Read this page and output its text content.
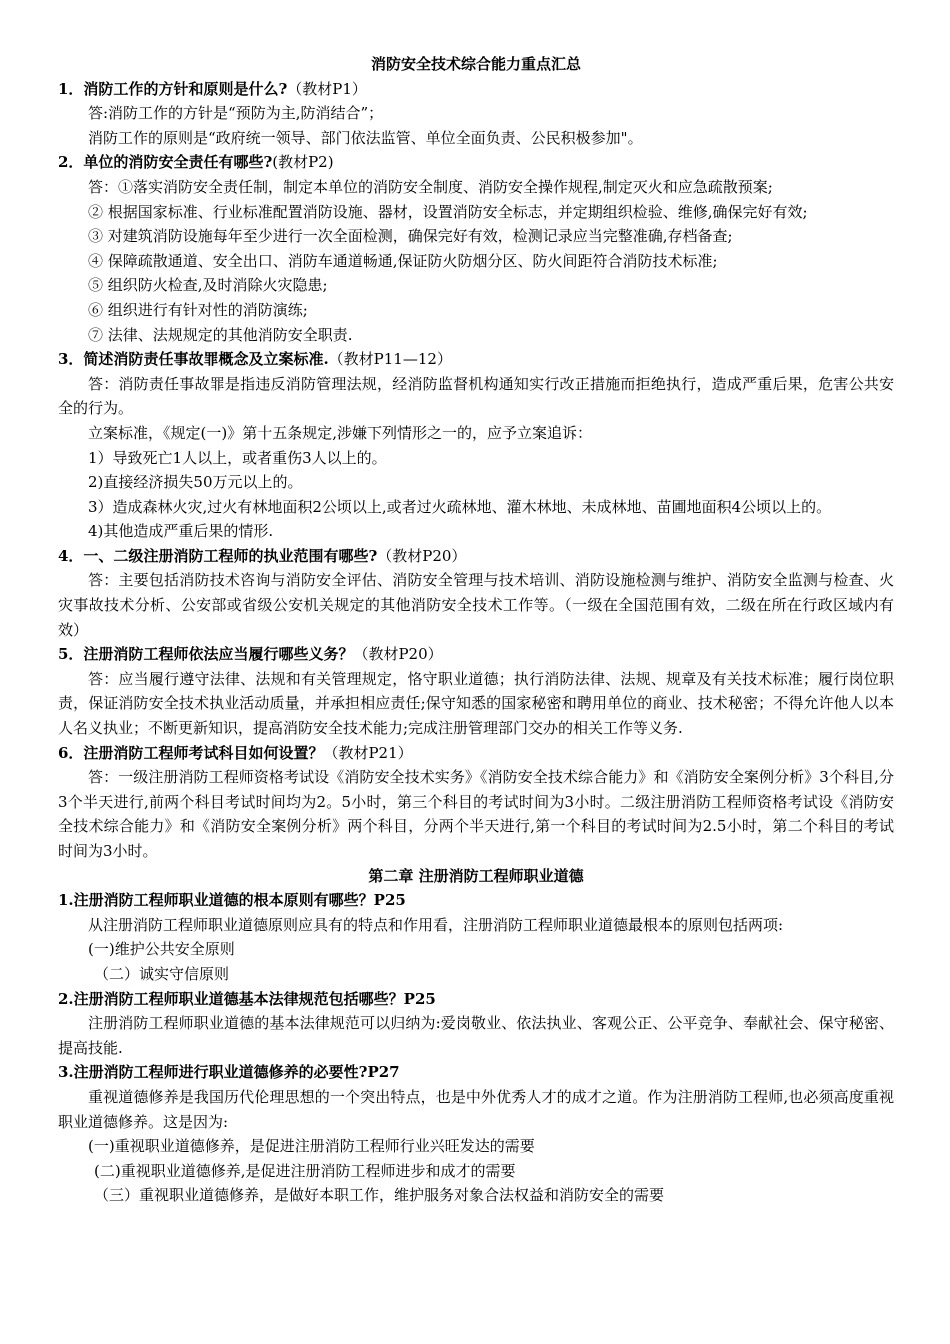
消防安全技术综合能力重点汇总
1．消防工作的方针和原则是什么?（教材P1）
答:消防工作的方针是“预防为主,防消结合”；
消防工作的原则是“政府统一领导、部门依法监管、单位全面负责、公民积极参加"。
2．单位的消防安全责任有哪些?(教材P2)
答：①落实消防安全责任制，制定本单位的消防安全制度、消防安全操作规程,制定灭火和应急疏散预案;
② 根据国家标准、行业标准配置消防设施、器材，设置消防安全标志，并定期组织检验、维修,确保完好有效;
③ 对建筑消防设施每年至少进行一次全面检测，确保完好有效，检测记录应当完整准确,存档备查;
④ 保障疏散通道、安全出口、消防车通道畅通,保证防火防烟分区、防火间距符合消防技术标准;
⑤ 组织防火检查,及时消除火灾隐患;
⑥ 组织进行有针对性的消防演练;
⑦ 法律、法规规定的其他消防安全职责.
3．简述消防责任事故罪概念及立案标准.（教材P11—12）
答：消防责任事故罪是指违反消防管理法规，经消防监督机构通知实行改正措施而拒绝执行，造成严重后果，危害公共安全的行为。
立案标准，《规定(一)》第十五条规定,涉嫌下列情形之一的，应予立案追诉：
1）导致死亡1人以上，或者重伤3人以上的。
2)直接经济损失50万元以上的。
3）造成森林火灾,过火有林地面积2公顷以上,或者过火疏林地、灌木林地、未成林地、苗圃地面积4公顷以上的。
4)其他造成严重后果的情形.
4．一、二级注册消防工程师的执业范围有哪些?（教材P20）
答：主要包括消防技术咨询与消防安全评估、消防安全管理与技术培训、消防设施检测与维护、消防安全监测与检查、火灾事故技术分析、公安部或省级公安机关规定的其他消防安全技术工作等。（一级在全国范围有效，二级在所在行政区域内有效）
5．注册消防工程师依法应当履行哪些义务？（教材P20）
答：应当履行遵守法律、法规和有关管理规定，恪守职业道德；执行消防法律、法规、规章及有关技术标准；履行岗位职责，保证消防安全技术执业活动质量，并承担相应责任;保守知悉的国家秘密和聘用单位的商业、技术秘密；不得允许他人以本人名义执业；不断更新知识，提高消防安全技术能力;完成注册管理部门交办的相关工作等义务.
6．注册消防工程师考试科目如何设置？（教材P21）
答：一级注册消防工程师资格考试设《消防安全技术实务》《消防安全技术综合能力》和《消防安全案例分析》3个科目,分3个半天进行,前两个科目考试时间均为2。5小时，第三个科目的考试时间为3小时。二级注册消防工程师资格考试设《消防安全技术综合能力》和《消防安全案例分析》两个科目，分两个半天进行,第一个科目的考试时间为2.5小时，第二个科目的考试时间为3小时。
第二章 注册消防工程师职业道德
1.注册消防工程师职业道德的根本原则有哪些？P25
从注册消防工程师职业道德原则应具有的特点和作用看，注册消防工程师职业道德最根本的原则包括两项:
(一)维护公共安全原则
（二）诚实守信原则
2.注册消防工程师职业道德基本法律规范包括哪些？P25
注册消防工程师职业道德的基本法律规范可以归纳为:爱岗敬业、依法执业、客观公正、公平竞争、奉献社会、保守秘密、提高技能.
3.注册消防工程师进行职业道德修养的必要性?P27
重视道德修养是我国历代伦理思想的一个突出特点，也是中外优秀人才的成才之道。作为注册消防工程师,也必须高度重视职业道德修养。这是因为:
(一)重视职业道德修养，是促进注册消防工程师行业兴旺发达的需要
(二)重视职业道德修养,是促进注册消防工程师进步和成才的需要
（三）重视职业道德修养，是做好本职工作，维护服务对象合法权益和消防安全的需要
